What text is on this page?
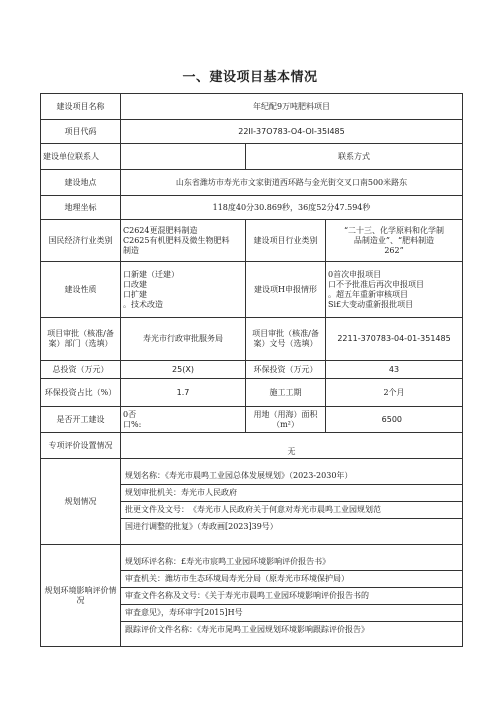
一、建设项目基本情况
建设项目名称	年纪配9万吨肥料项目		
项目代码	22II-37O783-O4-OI-35I485		
建设单位联系人		联系方式	
建设地点	山东省潍坊市寿光市文家街道西环路与金光街交叉口南500米路东		
地理坐标	118度40分30.869秒，36度52分47.594秒		
国民经济行业类别	C2624更混肥料制造
C2625有机肥料及微生物肥料
制造	建设项目行业类别	“二十三、化学原料和化学制
品制造业”、“肥料制造
262”

建设性质	口新建（迁建）
口改建
口扩建
。技术改造	建设项H申报情形	0首次申报项目
口不予批准后再次申报项目
。超五年重新审核项目
Si£大变动重新报批项目

项目审批（核准/备案）部门（选填）	寿光市行政审批服务局	项目审批（核准/备案）文号（选填）	2211-370783-04-01-351485
总投资（万元）	25(X)	环保投资（万元）	43
环保投资占比（%）	1.7	施工工期	2个月
是否开工建设	0否
口%:	用地（用海）面积（m²）	6500
专项评价设置情况	无		
规划情况	规划名称：《寿光市晨鸣工业园总体发展规划》（2023-2030年）
规划审批机关：寿光市人民政府
批更文件及文号：　《寿光市人民政府关于何意对寿光市晨鸣工业园规划范
国进行调整的批复》（寿政画[2023]39号）		

规划环境影响评价情况	规划环评名称：£寿光市宸鸣工业园环境影响评价报告书》
审査机关：潍坊市生态环境局寿光分局（原寿光市环境保护局）
审查文件名称及文号：《关于寿光市晨鸣工业园环境影响评价报告书的
审査意见》，寿环审字[2015]H号
跟踪评价文件名称：《寿光市晁鸣工业园规划环境影响跟踪评价报告》		
